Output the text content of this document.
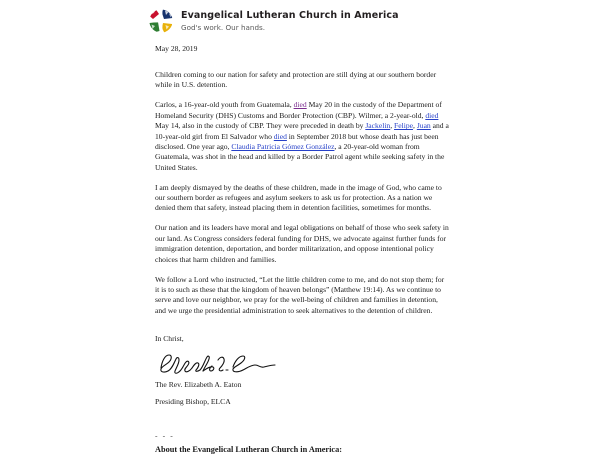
Evangelical Lutheran Church in America
God's work. Our hands.

May 28, 2019

Children coming to our nation for safety and protection are still dying at our southern border while in U.S. detention.

Carlos, a 16-year-old youth from Guatemala, died May 20 in the custody of the Department of Homeland Security (DHS) Customs and Border Protection (CBP). Wilmer, a 2-year-old, died May 14, also in the custody of CBP. They were preceded in death by Jackelin, Felipe, Juan and a 10-year-old girl from El Salvador who died in September 2018 but whose death has just been disclosed. One year ago, Claudia Patricia Gómez González, a 20-year-old woman from Guatemala, was shot in the head and killed by a Border Patrol agent while seeking safety in the United States.

I am deeply dismayed by the deaths of these children, made in the image of God, who came to our southern border as refugees and asylum seekers to ask us for protection. As a nation we denied them that safety, instead placing them in detention facilities, sometimes for months.

Our nation and its leaders have moral and legal obligations on behalf of those who seek safety in our land. As Congress considers federal funding for DHS, we advocate against further funds for immigration detention, deportation, and border militarization, and oppose intentional policy choices that harm children and families.

We follow a Lord who instructed, “Let the little children come to me, and do not stop them; for it is to such as these that the kingdom of heaven belongs” (Matthew 19:14). As we continue to serve and love our neighbor, we pray for the well-being of children and families in detention, and we urge the presidential administration to seek alternatives to the detention of children.

In Christ,

The Rev. Elizabeth A. Eaton

Presiding Bishop, ELCA

- - -

About the Evangelical Lutheran Church in America:
